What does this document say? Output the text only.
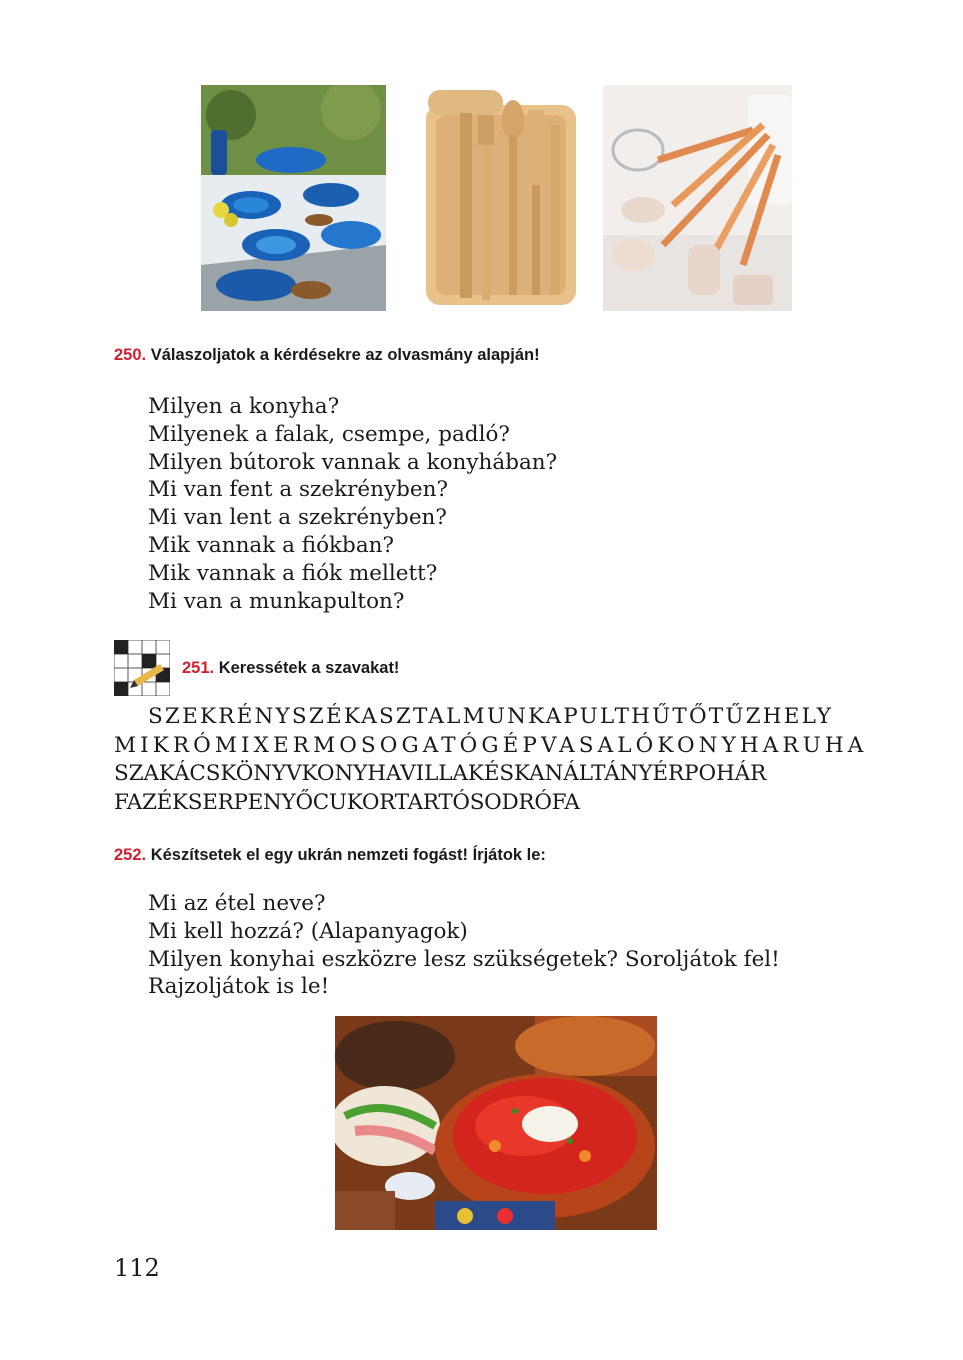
250. Válaszoljatok a kérdésekre az olvasmány alapján!
Milyen a konyha?
Milyenek a falak, csempe, padló?
Milyen bútorok vannak a konyhában?
Mi van fent a szekrényben?
Mi van lent a szekrényben?
Mik vannak a fiókban?
Mik vannak a fiók mellett?
Mi van a munkapulton?
251. Keressétek a szavakat!
SZEKRÉNYSZÉKASZTALMUNKAPULTHŰTŐTŰZHELY
MIKRÓMIXERMOSOGATÓGÉPVASALÓKONYHARUHA
SZAKÁCSKÖNYVKONYHAVILLAKÉSKANÁLTÁNYÉRPOHÁR
FAZÉKSERPENYŐCUKORTARTÓSODRÓFA
252. Készítsetek el egy ukrán nemzeti fogást! Írjátok le:
Mi az étel neve?
Mi kell hozzá? (Alapanyagok)
Milyen konyhai eszközre lesz szükségetek? Soroljátok fel!
Rajzoljátok is le!
112
